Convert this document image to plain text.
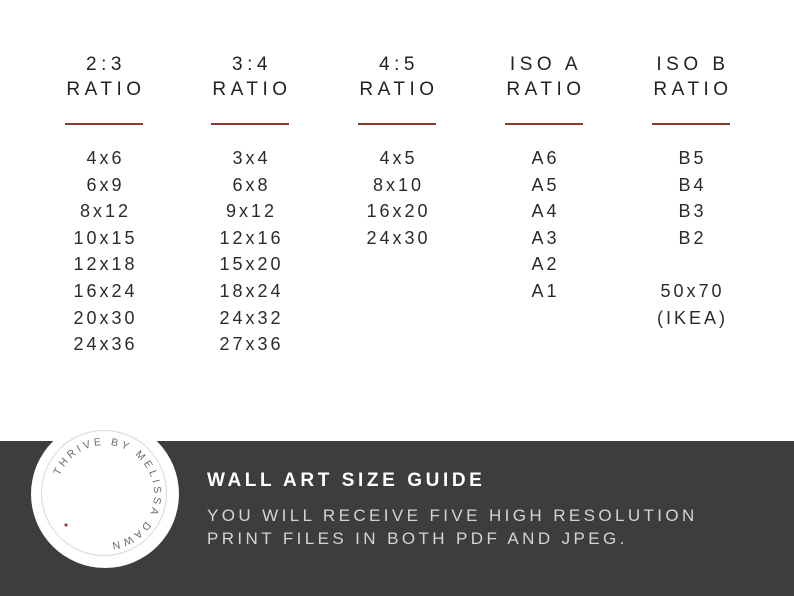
2:3
RATIO
4x6
6x9
8x12
10x15
12x18
16x24
20x30
24x36
3:4
RATIO
3x4
6x8
9x12
12x16
15x20
18x24
24x32
27x36
4:5
RATIO
4x5
8x10
16x20
24x30
ISO A
RATIO
A6
A5
A4
A3
A2
A1
ISO B
RATIO
B5
B4
B3
B2
50x70
(IKEA)
THRIVE BY MELISSA DAWN
WALL ART SIZE GUIDE
YOU WILL RECEIVE FIVE HIGH RESOLUTION
PRINT FILES IN BOTH PDF AND JPEG.
